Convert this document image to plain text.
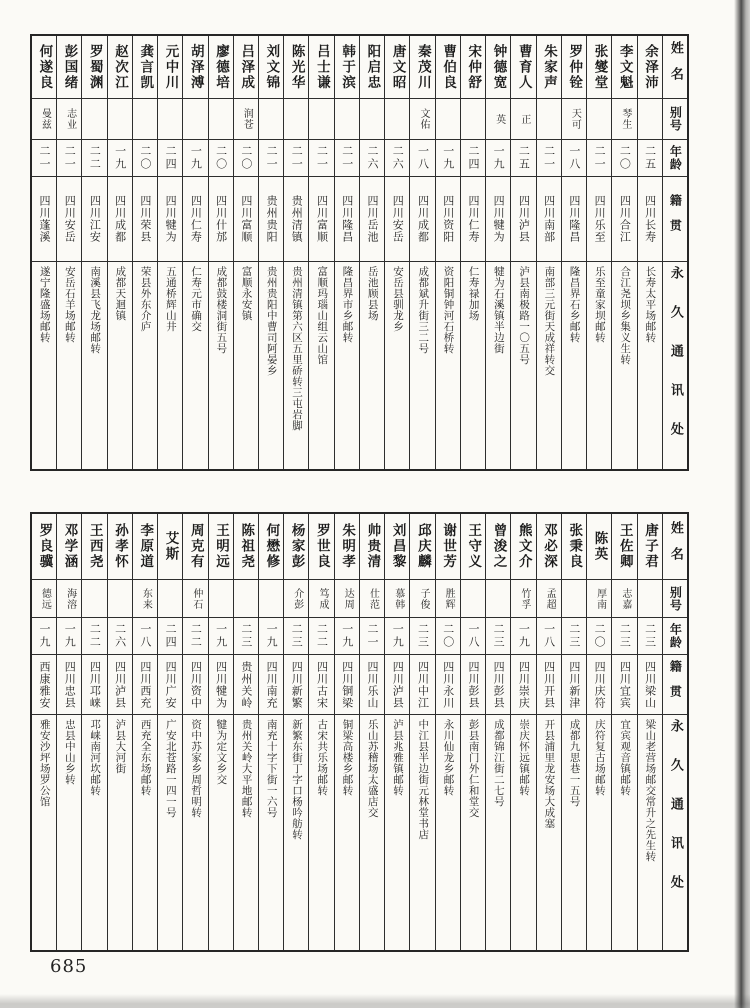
姓名
别号
年龄
籍贯
永久通讯处
余泽沛
二五
四川长寿
长寿太平场邮转
李文魁
琴生
二〇
四川合江
合江尧坝乡集义生转
张燮堂
二一
四川乐至
乐至童家坝邮转
罗仲铨
天可
一八
四川隆昌
隆昌界石乡邮转
朱家声
二一
四川南部
南部三元街天成祥转交
曹育人
正
二五
四川泸县
泸县南极路一〇五号
钟德宽
英
一九
四川犍为
犍为石溪镇半边街
宋仲舒
二四
四川仁寿
仁寿禄加场
曹伯良
一九
四川资阳
资阳铜钟河石桥转
秦茂川
文佑
一八
四川成都
成都斌升街三二号
唐文昭
二六
四川安岳
安岳县驯龙乡
阳启忠
二六
四川岳池
岳池顾县场
韩于滨
二一
四川隆昌
隆昌界市乡邮转
吕士谦
二一
四川富顺
富顺玛瑙山组云山馆
陈光华
二一
贵州清镇
贵州清镇第六区五里硚转三屯岩脚
刘文锦
二一
贵州贵阳
贵州贵阳中曹司阿晏乡
吕泽成
润苍
二〇
四川富顺
富顺永安镇
廖德培
二〇
四川什邡
成都鼓楼洞街五号
胡泽溥
一九
四川仁寿
仁寿元市确交
元中川
二四
四川犍为
五通桥辉山井
龚言凯
二〇
四川荣县
荣县外东介庐
赵次江
一九
四川成都
成都天迴镇
罗蜀渊
二二
四川江安
南溪县飞龙场邮转
彭国绪
志业
二一
四川安岳
安岳石羊场邮转
何遂良
曼兹
二一
四川蓬溪
遂宁隆盛场邮转
姓名
别号
年龄
籍贯
永久通讯处
唐子君
二三
四川梁山
梁山老营场邮交常升之先生转
王佐卿
志嘉
二三
四川宜宾
宜宾观音镇邮转
陈英
厚南
二〇
四川庆符
庆符复古场邮转
张秉良
二三
四川新津
成都九思巷一五号
邓必深
孟超
一八
四川开县
开县浦里龙安场大成塞
熊文介
竹孚
一九
四川崇庆
崇庆怀远镇邮转
曾浚之
二三
四川彭县
成都锦江街二七号
王守义
一八
四川彭县
彭县南门外仁和堂交
谢世芳
胜辉
二〇
四川永川
永川仙龙乡邮转
邱庆麟
子俊
二三
四川中江
中江县半边街元林堂书店
刘昌黎
慕韩
一九
四川泸县
泸县兆雅镇邮转
帅贵清
仕范
二一
四川乐山
乐山苏稽场太盛店交
朱明孝
达周
一九
四川铜梁
铜梁高楼乡邮转
罗世良
笃成
二二
四川古宋
古宋共乐场邮转
杨家彭
介彭
二三
四川新繁
新繁东街丁字口杨吟舫转
何懋修
一九
四川南充
南充十字下街一六号
陈祖尧
二三
贵州关岭
贵州关岭大平地邮转
王明远
一九
四川犍为
犍为定文乡交
周克有
仲石
二二
四川资中
资中苏家乡周哲明转
艾斯
二四
四川广安
广安北苍路一四一号
李原道
东来
一八
四川西充
西充全东场邮转
孙孝怀
二六
四川泸县
泸县大河街
王西尧
二二
四川邛崃
邛崃南河坎邮转
邓学涵
海溶
一九
四川忠县
忠县中山乡转
罗良骥
德远
一九
西康雅安
雅安沙坪场罗公馆
685
